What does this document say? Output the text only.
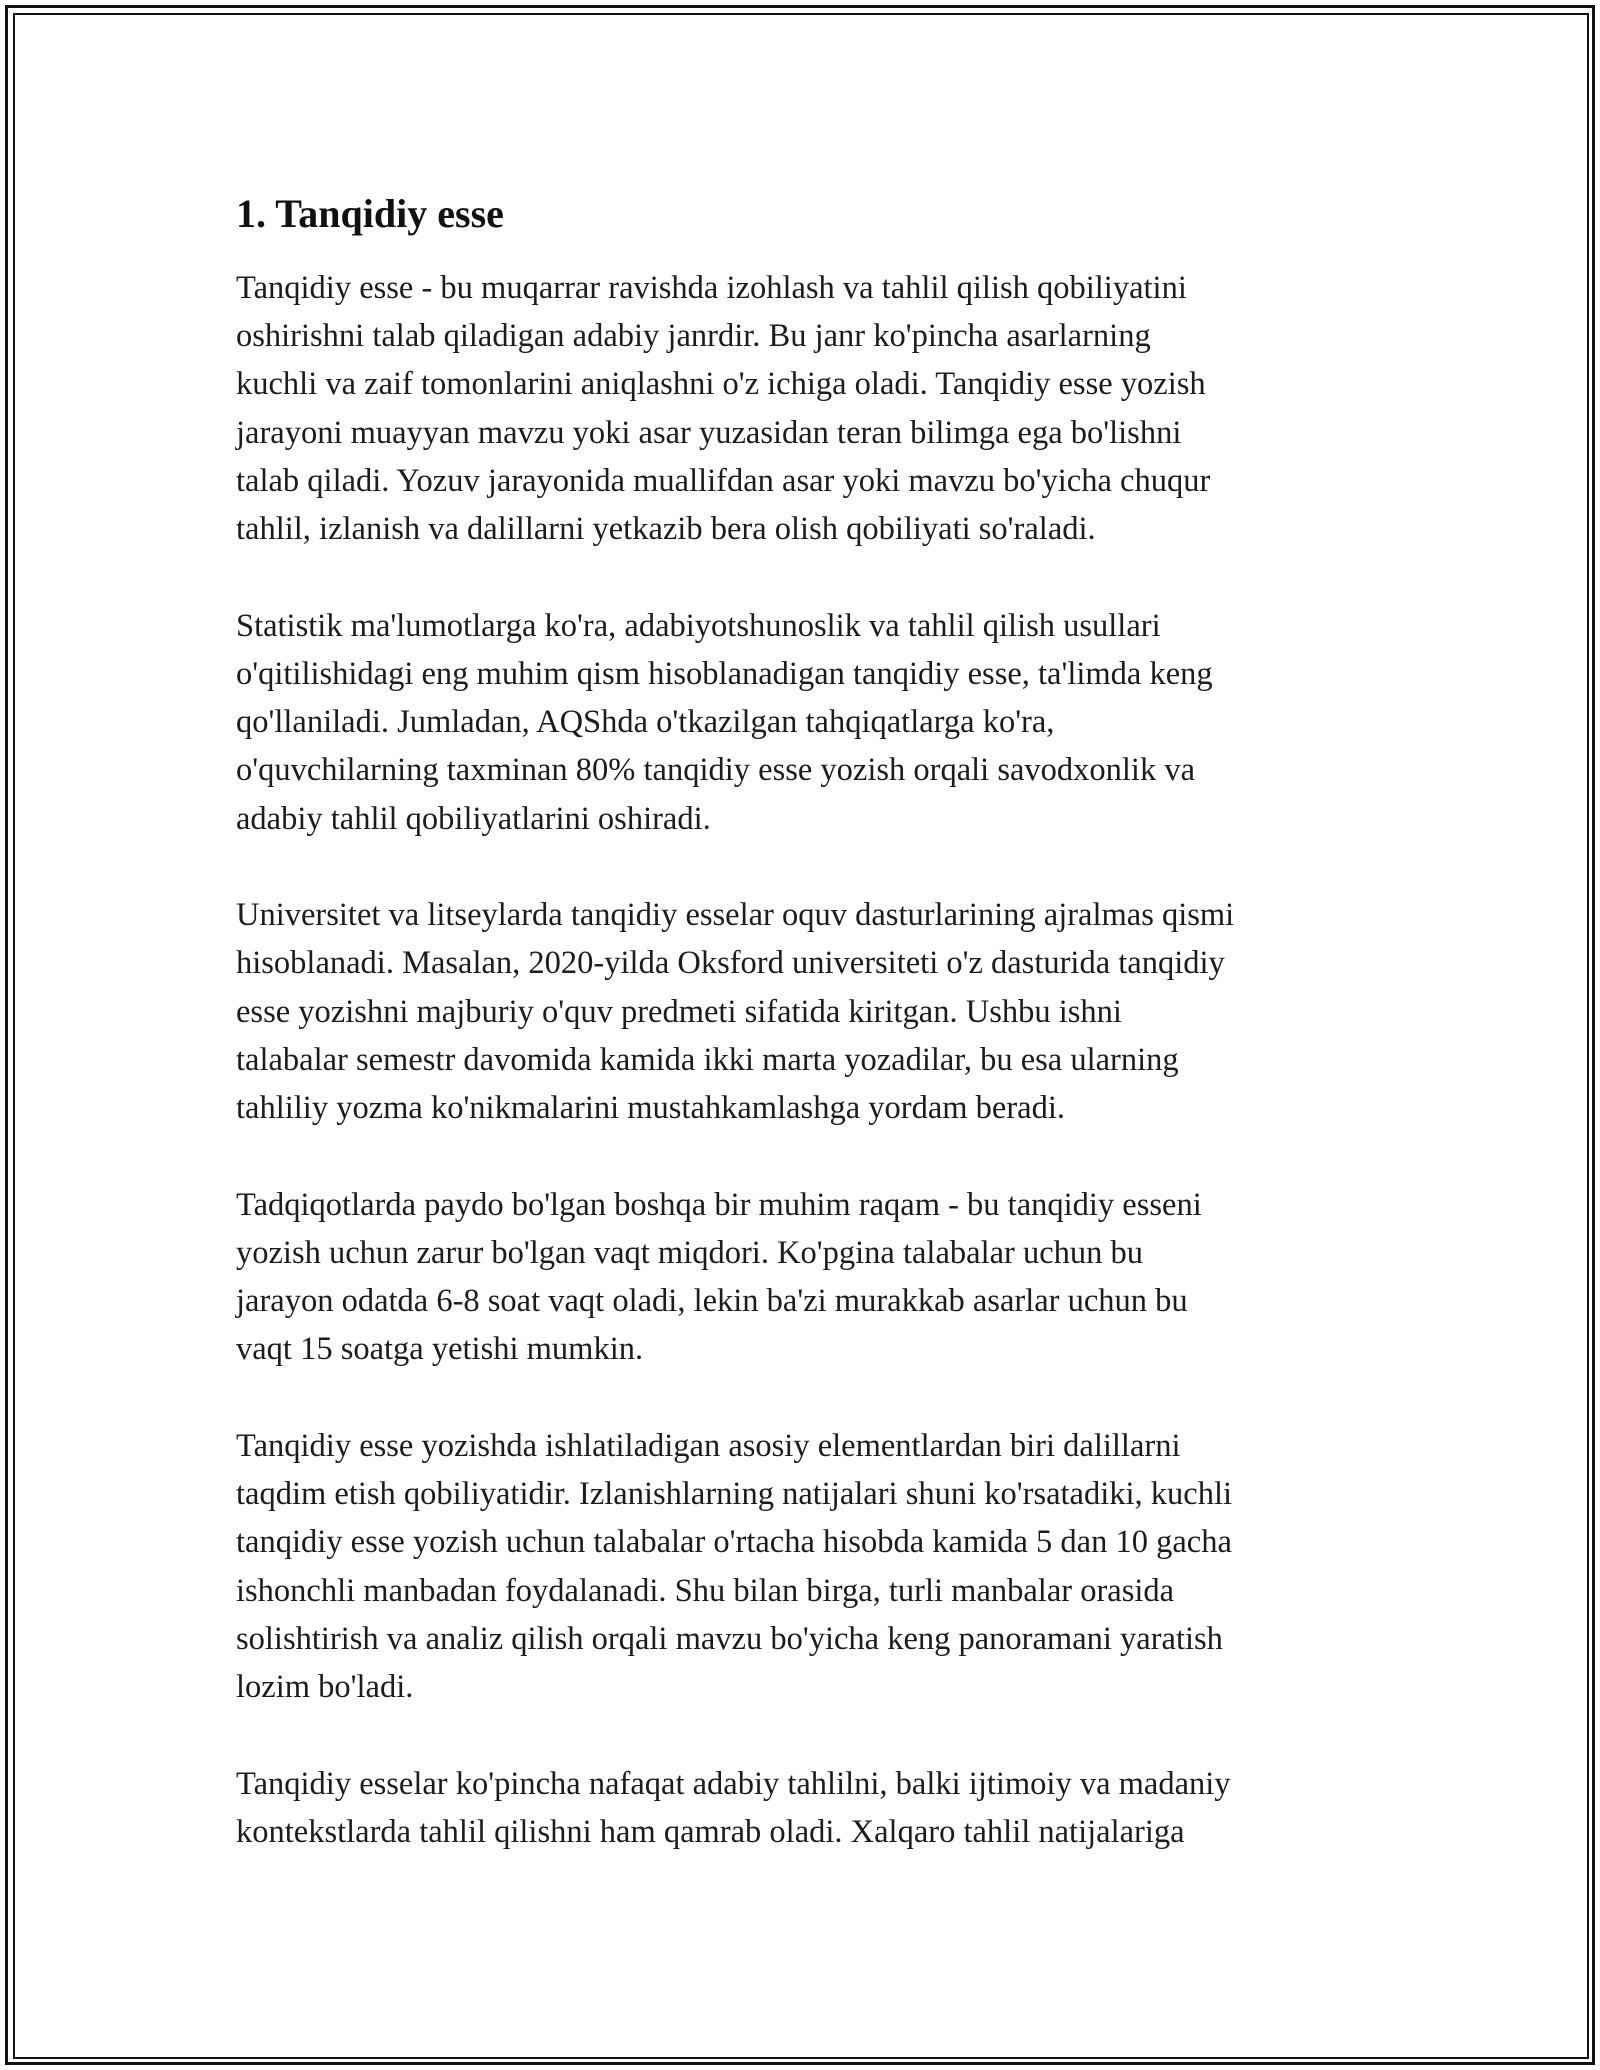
1. Tanqidiy esse

Tanqidiy esse - bu muqarrar ravishda izohlash va tahlil qilish qobiliyatini
oshirishni talab qiladigan adabiy janrdir. Bu janr ko'pincha asarlarning
kuchli va zaif tomonlarini aniqlashni o'z ichiga oladi. Tanqidiy esse yozish
jarayoni muayyan mavzu yoki asar yuzasidan teran bilimga ega bo'lishni
talab qiladi. Yozuv jarayonida muallifdan asar yoki mavzu bo'yicha chuqur
tahlil, izlanish va dalillarni yetkazib bera olish qobiliyati so'raladi.

Statistik ma'lumotlarga ko'ra, adabiyotshunoslik va tahlil qilish usullari
o'qitilishidagi eng muhim qism hisoblanadigan tanqidiy esse, ta'limda keng
qo'llaniladi. Jumladan, AQShda o'tkazilgan tahqiqatlarga ko'ra,
o'quvchilarning taxminan 80% tanqidiy esse yozish orqali savodxonlik va
adabiy tahlil qobiliyatlarini oshiradi.

Universitet va litseylarda tanqidiy esselar oquv dasturlarining ajralmas qismi
hisoblanadi. Masalan, 2020-yilda Oksford universiteti o'z dasturida tanqidiy
esse yozishni majburiy o'quv predmeti sifatida kiritgan. Ushbu ishni
talabalar semestr davomida kamida ikki marta yozadilar, bu esa ularning
tahliliy yozma ko'nikmalarini mustahkamlashga yordam beradi.

Tadqiqotlarda paydo bo'lgan boshqa bir muhim raqam - bu tanqidiy esseni
yozish uchun zarur bo'lgan vaqt miqdori. Ko'pgina talabalar uchun bu
jarayon odatda 6-8 soat vaqt oladi, lekin ba'zi murakkab asarlar uchun bu
vaqt 15 soatga yetishi mumkin.

Tanqidiy esse yozishda ishlatiladigan asosiy elementlardan biri dalillarni
taqdim etish qobiliyatidir. Izlanishlarning natijalari shuni ko'rsatadiki, kuchli
tanqidiy esse yozish uchun talabalar o'rtacha hisobda kamida 5 dan 10 gacha
ishonchli manbadan foydalanadi. Shu bilan birga, turli manbalar orasida
solishtirish va analiz qilish orqali mavzu bo'yicha keng panoramani yaratish
lozim bo'ladi.

Tanqidiy esselar ko'pincha nafaqat adabiy tahlilni, balki ijtimoiy va madaniy
kontekstlarda tahlil qilishni ham qamrab oladi. Xalqaro tahlil natijalariga
